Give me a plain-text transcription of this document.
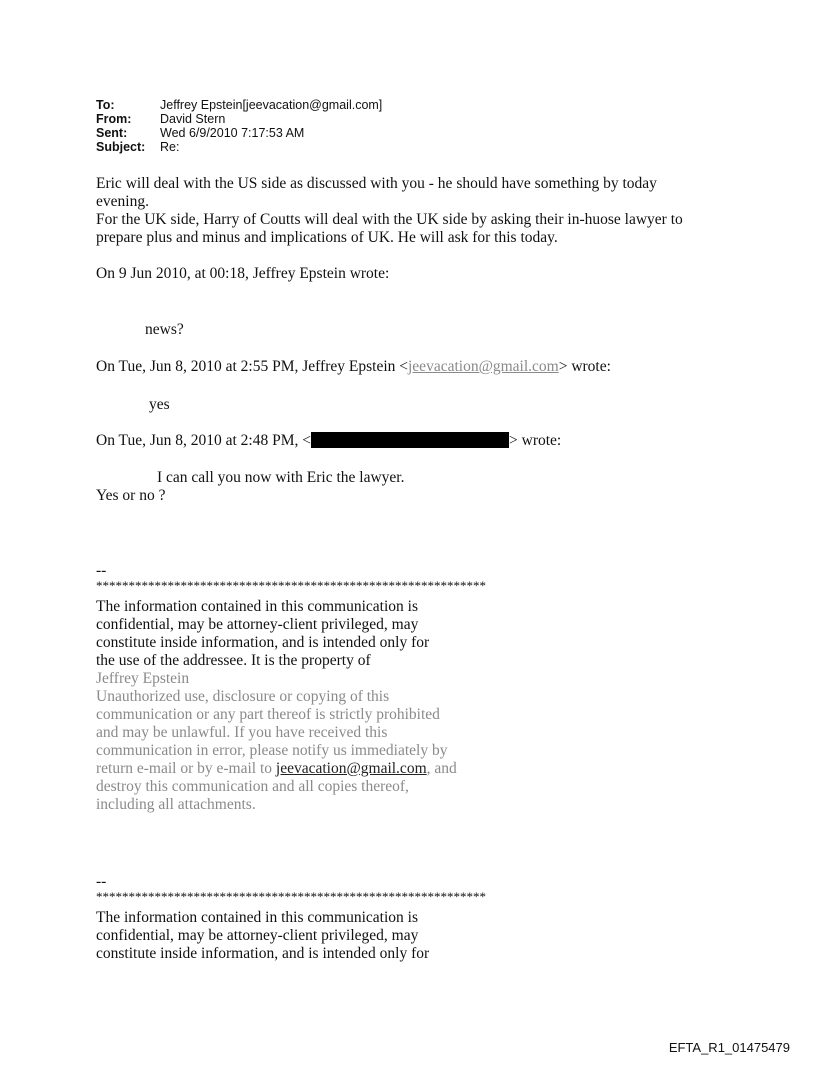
To:	Jeffrey Epstein[jeevacation@gmail.com]
From: David Stern
Sent:	Wed 6/9/2010 7:17:53 AM
Subject: Re:
Eric will deal with the US side as discussed with you - he should have something by today
evening.
For the UK side, Harry of Coutts will deal with the UK side by asking their in-huose lawyer to
prepare plus and minus and implications of UK. He will ask for this today.
On 9 Jun 2010, at 00:18, Jeffrey Epstein wrote:
news?
On Tue, Jun 8, 2010 at 2:55 PM, Jeffrey Epstein <jeevacation@gmail.com> wrote:
yes
On Tue, Jun 8, 2010 at 2:48 PM, <	> wrote:
I can call you now with Eric the lawyer.
Yes or no ?
--
************************************************************
The information contained in this communication is
confidential, may be attorney-client privileged, may
constitute inside information, and is intended only for
the use of the addressee. It is the property of
Jeffrey Epstein
Unauthorized use, disclosure or copying of this
communication or any part thereof is strictly prohibited
and may be unlawful. If you have received this
communication in error, please notify us immediately by
return e-mail or by e-mail to jeevacation@gmail.com, and
destroy this communication and all copies thereof,
including all attachments.
--
************************************************************
The information contained in this communication is
confidential, may be attorney-client privileged, may
constitute inside information, and is intended only for
EFTA_R1_01475479
